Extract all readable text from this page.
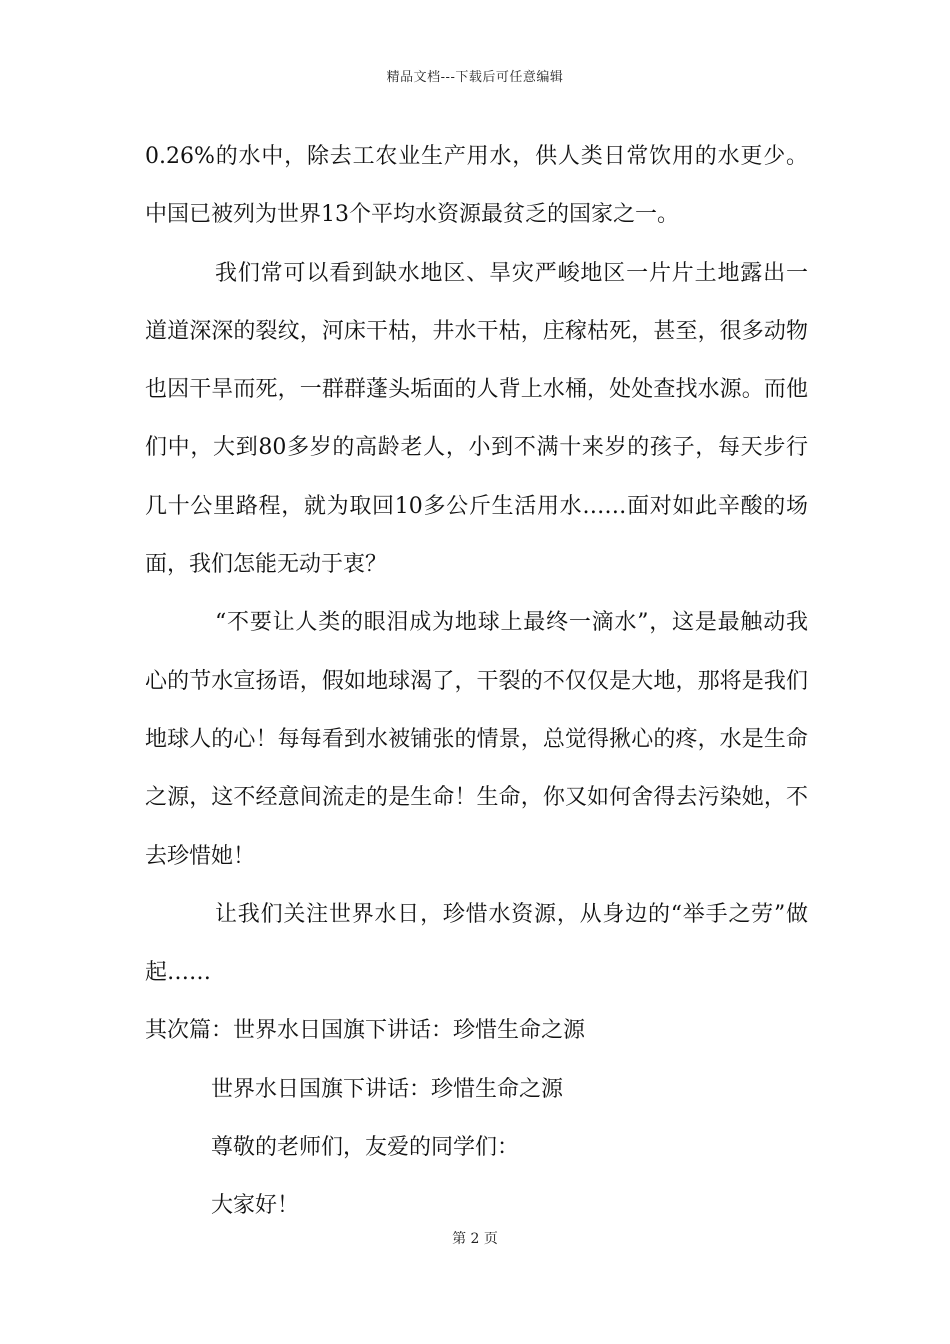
精品文档---下载后可任意编辑

0.26%的水中，除去工农业生产用水，供人类日常饮用的水更少。中国已被列为世界13个平均水资源最贫乏的国家之一。

我们常可以看到缺水地区、旱灾严峻地区一片片土地露出一道道深深的裂纹，河床干枯，井水干枯，庄稼枯死，甚至，很多动物也因干旱而死，一群群蓬头垢面的人背上水桶，处处查找水源。而他们中，大到80多岁的高龄老人，小到不满十来岁的孩子，每天步行几十公里路程，就为取回10多公斤生活用水……面对如此辛酸的场面，我们怎能无动于衷？

“不要让人类的眼泪成为地球上最终一滴水”，这是最触动我心的节水宣扬语，假如地球渴了，干裂的不仅仅是大地，那将是我们地球人的心！每每看到水被铺张的情景，总觉得揪心的疼，水是生命之源，这不经意间流走的是生命！生命，你又如何舍得去污染她，不去珍惜她！

让我们关注世界水日，珍惜水资源，从身边的“举手之劳”做起……

其次篇：世界水日国旗下讲话：珍惜生命之源

世界水日国旗下讲话：珍惜生命之源

尊敬的老师们，友爱的同学们：

大家好！

第 2 页
